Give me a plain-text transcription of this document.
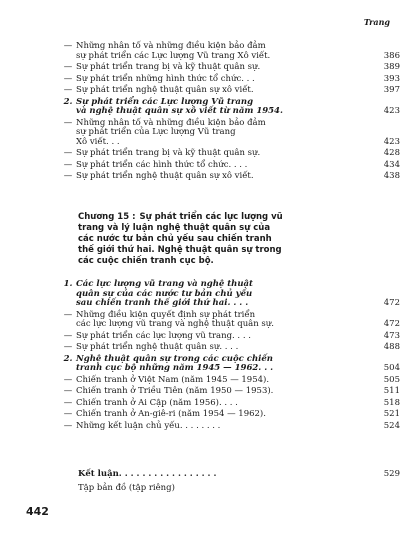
Trang
— Những nhân tố và những điều kiện bảo đảm
sự phát triển các Lực lượng Vũ trang Xô viết.	386
— Sự phát triển trang bị và kỹ thuật quân sự.	389
— Sự phát triển những hình thức tổ chức. . .	393
— Sự phát triển nghệ thuật quân sự xô viết.	397
2. Sự phát triển các Lực lượng Vũ trang
và nghệ thuật quân sự xô viết từ năm 1954.	423
— Những nhân tố và những điều kiện bảo đảm
sự phát triển của Lực lượng Vũ trang
Xô viết. . .	423
— Sự phát triển trang bị và kỹ thuật quân sự.	428
— Sự phát triển các hình thức tổ chức. . . .	434
— Sự phát triển nghệ thuật quân sự xô viết.	438
Chương 15 : Sự phát triển các lực lượng vũ
trang và lý luận nghệ thuật quân sự của
các nước tư bản chủ yếu sau chiến tranh
thế giới thứ hai. Nghệ thuật quân sự trong
các cuộc chiến tranh cục bộ.
1. Các lực lượng vũ trang và nghệ thuật
quân sự của các nước tư bản chủ yếu
sau chiến tranh thế giới thứ hai. . . .	472
— Những điều kiện quyết định sự phát triển
các lực lượng vũ trang và nghệ thuật quân sự.	472
— Sự phát triển các lực lượng vũ trang. . . .	473
— Sự phát triển nghệ thuật quân sự. . . .	488
2. Nghệ thuật quân sự trong các cuộc chiến
tranh cục bộ những năm 1945 — 1962. . .	504
— Chiến tranh ở Việt Nam (năm 1945 — 1954).	505
— Chiến tranh ở Triều Tiên (năm 1950 — 1953).	511
— Chiến tranh ở Ai Cập (năm 1956). . . .	518
— Chiến tranh ở An-giê-ri (năm 1954 — 1962).	521
— Những kết luận chủ yếu. . . . . . . .	524
Kết luận. . . . . . . . . . . . . . . . .	529
Tập bản đồ (tập riêng)
442
